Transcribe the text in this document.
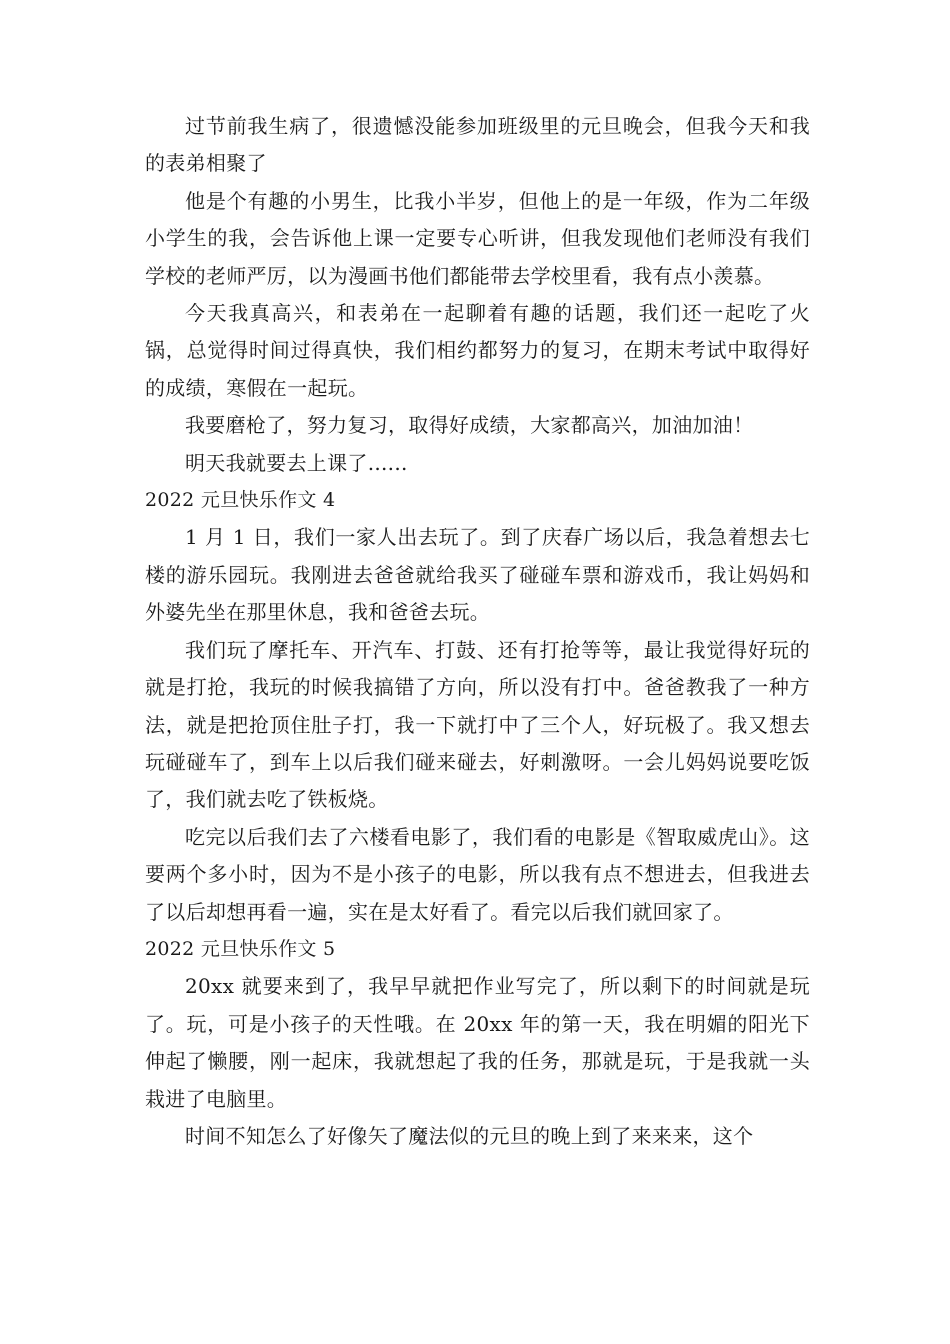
过节前我生病了，很遗憾没能参加班级里的元旦晚会，但我今天和我的表弟相聚了

他是个有趣的小男生，比我小半岁，但他上的是一年级，作为二年级小学生的我，会告诉他上课一定要专心听讲，但我发现他们老师没有我们学校的老师严厉，以为漫画书他们都能带去学校里看，我有点小羡慕。

今天我真高兴，和表弟在一起聊着有趣的话题，我们还一起吃了火锅，总觉得时间过得真快，我们相约都努力的复习，在期末考试中取得好的成绩，寒假在一起玩。

我要磨枪了，努力复习，取得好成绩，大家都高兴，加油加油！

明天我就要去上课了......

2022 元旦快乐作文 4

1 月 1 日，我们一家人出去玩了。到了庆春广场以后，我急着想去七楼的游乐园玩。我刚进去爸爸就给我买了碰碰车票和游戏币，我让妈妈和外婆先坐在那里休息，我和爸爸去玩。

我们玩了摩托车、开汽车、打鼓、还有打抢等等，最让我觉得好玩的就是打抢，我玩的时候我搞错了方向，所以没有打中。爸爸教我了一种方法，就是把抢顶住肚子打，我一下就打中了三个人，好玩极了。我又想去玩碰碰车了，到车上以后我们碰来碰去，好刺激呀。一会儿妈妈说要吃饭了，我们就去吃了铁板烧。

吃完以后我们去了六楼看电影了，我们看的电影是《智取威虎山》。这要两个多小时，因为不是小孩子的电影，所以我有点不想进去，但我进去了以后却想再看一遍，实在是太好看了。看完以后我们就回家了。

2022 元旦快乐作文 5

20xx 就要来到了，我早早就把作业写完了，所以剩下的时间就是玩了。玩，可是小孩子的天性哦。在 20xx 年的第一天，我在明媚的阳光下伸起了懒腰，刚一起床，我就想起了我的任务，那就是玩，于是我就一头栽进了电脑里。

时间不知怎么了好像矢了魔法似的元旦的晚上到了来来来，这个
